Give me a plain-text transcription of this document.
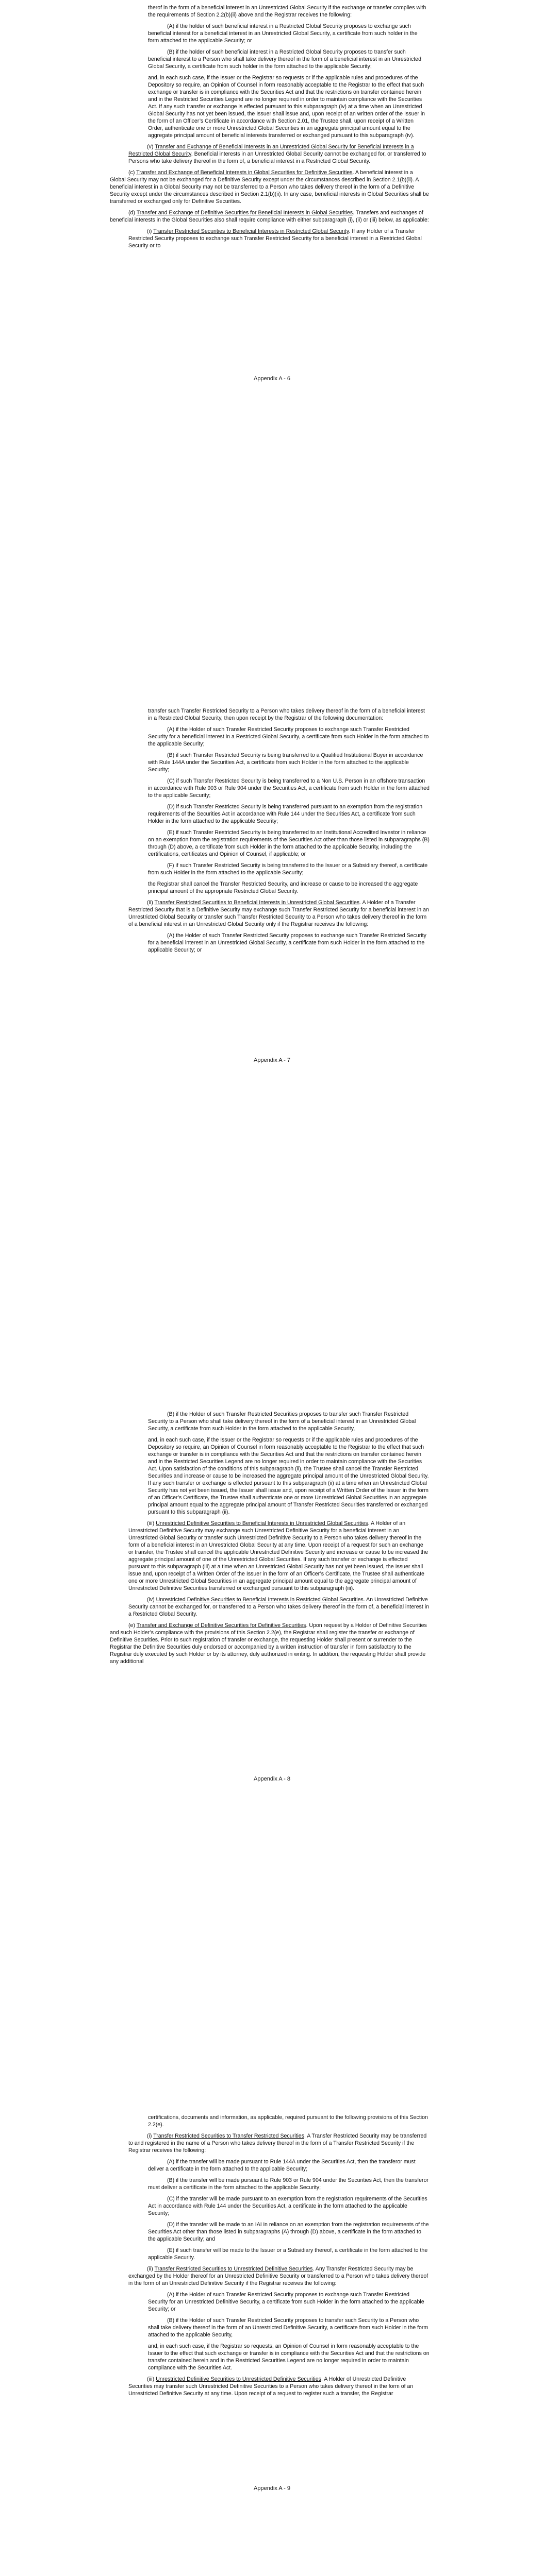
therof in the form of a beneficial interest in an Unrestricted Global Security if the exchange or transfer complies with the requirements of Section 2.2(b)(ii) above and the Registrar receives the following:

(A) if the holder of such beneficial interest in a Restricted Global Security proposes to exchange such beneficial interest for a beneficial interest in an Unrestricted Global Security, a certificate from such holder in the form attached to the applicable Security; or

(B) if the holder of such beneficial interest in a Restricted Global Security proposes to transfer such beneficial interest to a Person who shall take delivery thereof in the form of a beneficial interest in an Unrestricted Global Security, a certificate from such holder in the form attached to the applicable Security;

and, in each such case, if the Issuer or the Registrar so requests or if the applicable rules and procedures of the Depository so require, an Opinion of Counsel in form reasonably acceptable to the Registrar to the effect that such exchange or transfer is in compliance with the Securities Act and that the restrictions on transfer contained herein and in the Restricted Securities Legend are no longer required in order to maintain compliance with the Securities Act. If any such transfer or exchange is effected pursuant to this subparagraph (iv) at a time when an Unrestricted Global Security has not yet been issued, the Issuer shall issue and, upon receipt of an written order of the Issuer in the form of an Officer’s Certificate in accordance with Section 2.01, the Trustee shall, upon receipt of a Written Order, authenticate one or more Unrestricted Global Securities in an aggregate principal amount equal to the aggregate principal amount of beneficial interests transferred or exchanged pursuant to this subparagraph (iv).

(v) Transfer and Exchange of Beneficial Interests in an Unrestricted Global Security for Beneficial Interests in a Restricted Global Security. Beneficial interests in an Unrestricted Global Security cannot be exchanged for, or transferred to Persons who take delivery thereof in the form of, a beneficial interest in a Restricted Global Security.

(c) Transfer and Exchange of Beneficial Interests in Global Securities for Definitive Securities. A beneficial interest in a Global Security may not be exchanged for a Definitive Security except under the circumstances described in Section 2.1(b)(ii). A beneficial interest in a Global Security may not be transferred to a Person who takes delivery thereof in the form of a Definitive Security except under the circumstances described in Section 2.1(b)(ii). In any case, beneficial interests in Global Securities shall be transferred or exchanged only for Definitive Securities.

(d) Transfer and Exchange of Definitive Securities for Beneficial Interests in Global Securities. Transfers and exchanges of beneficial interests in the Global Securities also shall require compliance with either subparagraph (i), (ii) or (iii) below, as applicable:

(i) Transfer Restricted Securities to Beneficial Interests in Restricted Global Security. If any Holder of a Transfer Restricted Security proposes to exchange such Transfer Restricted Security for a beneficial interest in a Restricted Global Security or to

Appendix A - 6

transfer such Transfer Restricted Security to a Person who takes delivery thereof in the form of a beneficial interest in a Restricted Global Security, then upon receipt by the Registrar of the following documentation:

(A) if the Holder of such Transfer Restricted Security proposes to exchange such Transfer Restricted Security for a beneficial interest in a Restricted Global Security, a certificate from such Holder in the form attached to the applicable Security;

(B) if such Transfer Restricted Security is being transferred to a Qualified Institutional Buyer in accordance with Rule 144A under the Securities Act, a certificate from such Holder in the form attached to the applicable Security;

(C) if such Transfer Restricted Security is being transferred to a Non U.S. Person in an offshore transaction in accordance with Rule 903 or Rule 904 under the Securities Act, a certificate from such Holder in the form attached to the applicable Security;

(D) if such Transfer Restricted Security is being transferred pursuant to an exemption from the registration requirements of the Securities Act in accordance with Rule 144 under the Securities Act, a certificate from such Holder in the form attached to the applicable Security;

(E) if such Transfer Restricted Security is being transferred to an Institutional Accredited Investor in reliance on an exemption from the registration requirements of the Securities Act other than those listed in subparagraphs (B) through (D) above, a certificate from such Holder in the form attached to the applicable Security, including the certifications, certificates and Opinion of Counsel, if applicable; or

(F) if such Transfer Restricted Security is being transferred to the Issuer or a Subsidiary thereof, a certificate from such Holder in the form attached to the applicable Security;

the Registrar shall cancel the Transfer Restricted Security, and increase or cause to be increased the aggregate principal amount of the appropriate Restricted Global Security.

(ii) Transfer Restricted Securities to Beneficial Interests in Unrestricted Global Securities. A Holder of a Transfer Restricted Security that is a Definitive Security may exchange such Transfer Restricted Security for a beneficial interest in an Unrestricted Global Security or transfer such Transfer Restricted Security to a Person who takes delivery thereof in the form of a beneficial interest in an Unrestricted Global Security only if the Registrar receives the following:

(A) the Holder of such Transfer Restricted Security proposes to exchange such Transfer Restricted Security for a beneficial interest in an Unrestricted Global Security, a certificate from such Holder in the form attached to the applicable Security; or

Appendix A - 7

(B) if the Holder of such Transfer Restricted Securities proposes to transfer such Transfer Restricted Security to a Person who shall take delivery thereof in the form of a beneficial interest in an Unrestricted Global Security, a certificate from such Holder in the form attached to the applicable Security,

and, in each such case, if the Issuer or the Registrar so requests or if the applicable rules and procedures of the Depository so require, an Opinion of Counsel in form reasonably acceptable to the Registrar to the effect that such exchange or transfer is in compliance with the Securities Act and that the restrictions on transfer contained herein and in the Restricted Securities Legend are no longer required in order to maintain compliance with the Securities Act. Upon satisfaction of the conditions of this subparagraph (ii), the Trustee shall cancel the Transfer Restricted Securities and increase or cause to be increased the aggregate principal amount of the Unrestricted Global Security. If any such transfer or exchange is effected pursuant to this subparagraph (ii) at a time when an Unrestricted Global Security has not yet been issued, the Issuer shall issue and, upon receipt of a Written Order of the Issuer in the form of an Officer’s Certificate, the Trustee shall authenticate one or more Unrestricted Global Securities in an aggregate principal amount equal to the aggregate principal amount of Transfer Restricted Securities transferred or exchanged pursuant to this subparagraph (ii).

(iii) Unrestricted Definitive Securities to Beneficial Interests in Unrestricted Global Securities. A Holder of an Unrestricted Definitive Security may exchange such Unrestricted Definitive Security for a beneficial interest in an Unrestricted Global Security or transfer such Unrestricted Definitive Security to a Person who takes delivery thereof in the form of a beneficial interest in an Unrestricted Global Security at any time. Upon receipt of a request for such an exchange or transfer, the Trustee shall cancel the applicable Unrestricted Definitive Security and increase or cause to be increased the aggregate principal amount of one of the Unrestricted Global Securities. If any such transfer or exchange is effected pursuant to this subparagraph (iii) at a time when an Unrestricted Global Security has not yet been issued, the Issuer shall issue and, upon receipt of a Written Order of the Issuer in the form of an Officer’s Certificate, the Trustee shall authenticate one or more Unrestricted Global Securities in an aggregate principal amount equal to the aggregate principal amount of Unrestricted Definitive Securities transferred or exchanged pursuant to this subparagraph (iii).

(iv) Unrestricted Definitive Securities to Beneficial Interests in Restricted Global Securities. An Unrestricted Definitive Security cannot be exchanged for, or transferred to a Person who takes delivery thereof in the form of, a beneficial interest in a Restricted Global Security.

(e) Transfer and Exchange of Definitive Securities for Definitive Securities. Upon request by a Holder of Definitive Securities and such Holder’s compliance with the provisions of this Section 2.2(e), the Registrar shall register the transfer or exchange of Definitive Securities. Prior to such registration of transfer or exchange, the requesting Holder shall present or surrender to the Registrar the Definitive Securities duly endorsed or accompanied by a written instruction of transfer in form satisfactory to the Registrar duly executed by such Holder or by its attorney, duly authorized in writing. In addition, the requesting Holder shall provide any additional

Appendix A - 8

certifications, documents and information, as applicable, required pursuant to the following provisions of this Section 2.2(e).

(i) Transfer Restricted Securities to Transfer Restricted Securities. A Transfer Restricted Security may be transferred to and registered in the name of a Person who takes delivery thereof in the form of a Transfer Restricted Security if the Registrar receives the following:

(A) if the transfer will be made pursuant to Rule 144A under the Securities Act, then the transferor must deliver a certificate in the form attached to the applicable Security;

(B) if the transfer will be made pursuant to Rule 903 or Rule 904 under the Securities Act, then the transferor must deliver a certificate in the form attached to the applicable Security;

(C) if the transfer will be made pursuant to an exemption from the registration requirements of the Securities Act in accordance with Rule 144 under the Securities Act, a certificate in the form attached to the applicable Security;

(D) if the transfer will be made to an IAI in reliance on an exemption from the registration requirements of the Securities Act other than those listed in subparagraphs (A) through (D) above, a certificate in the form attached to the applicable Security; and

(E) if such transfer will be made to the Issuer or a Subsidiary thereof, a certificate in the form attached to the applicable Security.

(ii) Transfer Restricted Securities to Unrestricted Definitive Securities. Any Transfer Restricted Security may be exchanged by the Holder thereof for an Unrestricted Definitive Security or transferred to a Person who takes delivery thereof in the form of an Unrestricted Definitive Security if the Registrar receives the following:

(A) if the Holder of such Transfer Restricted Security proposes to exchange such Transfer Restricted Security for an Unrestricted Definitive Security, a certificate from such Holder in the form attached to the applicable Security; or

(B) if the Holder of such Transfer Restricted Security proposes to transfer such Security to a Person who shall take delivery thereof in the form of an Unrestricted Definitive Security, a certificate from such Holder in the form attached to the applicable Security,

and, in each such case, if the Registrar so requests, an Opinion of Counsel in form reasonably acceptable to the Issuer to the effect that such exchange or transfer is in compliance with the Securities Act and that the restrictions on transfer contained herein and in the Restricted Securities Legend are no longer required in order to maintain compliance with the Securities Act.

(iii) Unrestricted Definitive Securities to Unrestricted Definitive Securities. A Holder of Unrestricted Definitive Securities may transfer such Unrestricted Definitive Securities to a Person who takes delivery thereof in the form of an Unrestricted Definitive Security at any time. Upon receipt of a request to register such a transfer, the Registrar

Appendix A - 9
